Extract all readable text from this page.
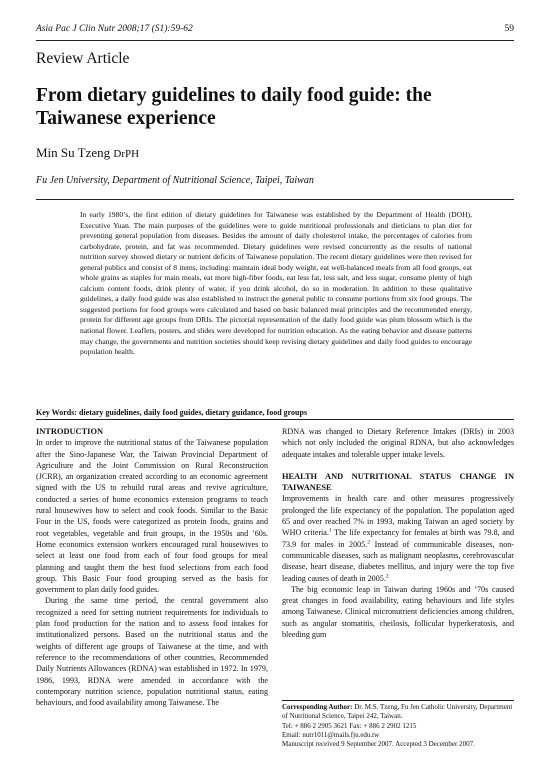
Asia Pac J Clin Nutr 2008;17 (S1):59-62	59
Review Article
From dietary guidelines to daily food guide: the Taiwanese experience
Min Su Tzeng DrPH
Fu Jen University, Department of Nutritional Science, Taipei, Taiwan
In early 1980’s, the first edition of dietary guidelines for Taiwanese was established by the Department of Health (DOH), Executive Yuan. The main purposes of the guidelines were to guide nutritional professionals and dieticians to plan diet for preventing general population from diseases. Besides the amount of daily cholesterol intake, the percentages of calories from carbohydrate, protein, and fat was recommended. Dietary guidelines were revised concurrently as the results of national nutrition survey showed dietary or nutrient deficits of Taiwanese population. The recent dietary guidelines were then revised for general publics and consist of 8 items, including: maintain ideal body weight, eat well-balanced meals from all food groups, eat whole grains as staples for main meals, eat more high-fiber foods, eat less fat, less salt, and less sugar, consume plenty of high calcium content foods, drink plenty of water, if you drink alcohol, do so in moderation. In addition to these qualitative guidelines, a daily food guide was also established to instruct the general public to consume portions from six food groups. The suggested portions for food groups were calculated and based on basic balanced meal principles and the recommended energy, protein for different age groups from DRIs. The pictorial representation of the daily food guide was plum blossom which is the national flower. Leaflets, posters, and slides were developed for nutrition education. As the eating behavior and disease patterns may change, the governments and nutrition societies should keep revising dietary guidelines and daily food guides to encourage population health.
Key Words: dietary guidelines, daily food guides, dietary guidance, food groups
INTRODUCTION

In order to improve the nutritional status of the Taiwanese population after the Sino-Japanese War, the Taiwan Provincial Department of Agriculture and the Joint Commission on Rural Reconstruction (JCRR), an organization created according to an economic agreement signed with the US to rebuild rural areas and revive agriculture, conducted a series of home economics extension programs to teach rural housewives how to select and cook foods. Similar to the Basic Four in the US, foods were categorized as protein foods, grains and root vegetables, vegetable and fruit groups, in the 1950s and ’60s. Home economics extension workers encouraged rural housewives to select at least one food from each of four food groups for meal planning and taught them the best food selections from each food group. This Basic Four food grouping served as the basis for government to plan daily food guides.

During the same time period, the central government also recognized a need for setting nutrient requirements for individuals to plan food production for the nation and to assess food intakes for institutionalized persons. Based on the nutritional status and the weights of different age groups of Taiwanese at the time, and with reference to the recommendations of other countries, Recommended Daily Nutrients Allowances (RDNA) was established in 1972. In 1979, 1986, 1993, RDNA were amended in accordance with the contemporary nutrition science, population nutritional status, eating behaviours, and food availability among Taiwanese. The

RDNA was changed to Dietary Reference Intakes (DRIs) in 2003 which not only included the original RDNA, but also acknowledges adequate intakes and tolerable upper intake levels.

HEALTH AND NUTRITIONAL STATUS CHANGE IN TAIWANESE

Improvements in health care and other measures progressively prolonged the life expectancy of the population. The population aged 65 and over reached 7% in 1993, making Taiwan an aged society by WHO criteria.$^1$ The life expectancy for females at birth was 79.8, and 73.9 for males in 2005.$^2$ Instead of communicable diseases, non-communicable diseases, such as malignant neoplasms, cerebrovascular disease, heart disease, diabetes mellitus, and injury were the top five leading causes of death in 2005.$^2$

The big economic leap in Taiwan during 1960s and ’70s caused great changes in food availability, eating behaviours and life styles among Taiwanese. Clinical micronutrient deficiencies among children, such as angular stomatitis, cheilosis, follicular hyperkeratosis, and bleeding gum

Corresponding Author: Dr. M.S. Tzeng, Fu Jen Catholic University, Department of Nutritional Science, Taipei 242, Taiwan.
Tel: + 886 2 2905 3621 Fax: + 886 2 2902 1215
Email: nutr1011@mails.fju.edu.tw
Manuscript received 9 September 2007. Accepted 3 December 2007.
